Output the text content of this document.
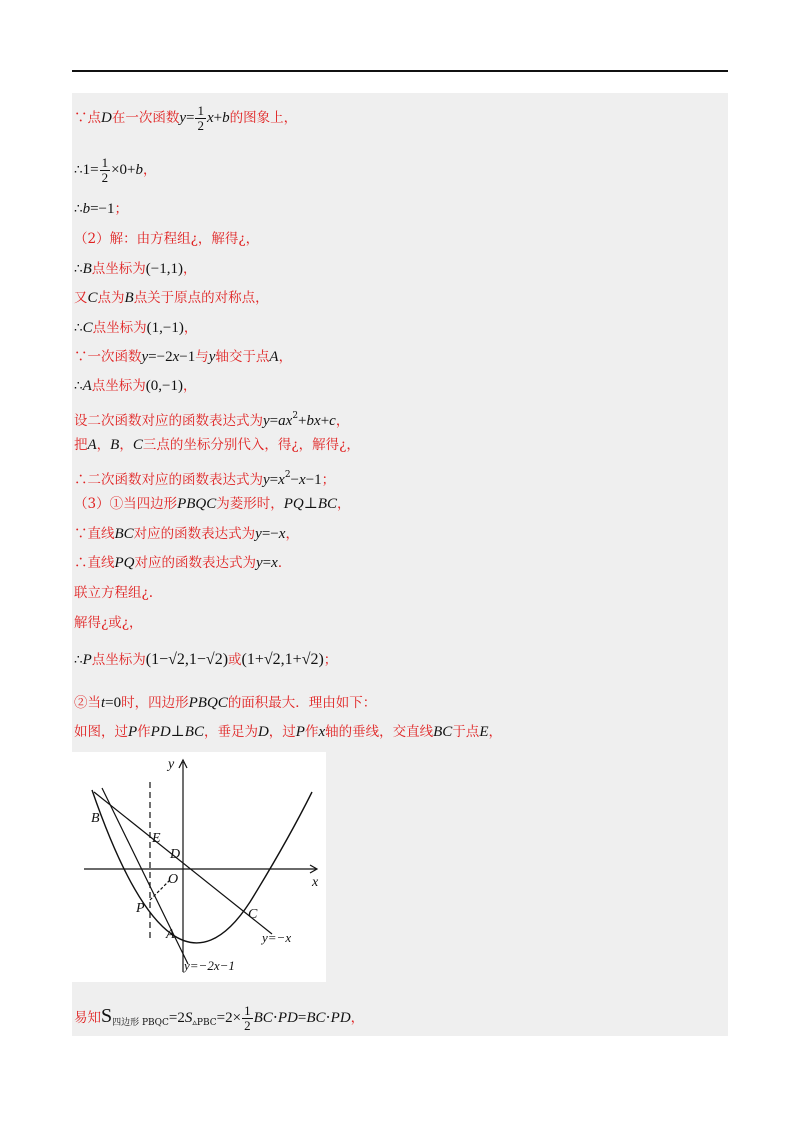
∵点D在一次函数$y= \frac{1}{2} x+b$的图象上，
∴1= $\frac{1}{2} \times 0+b$，
∴b=−1；
（2）解：由方程组¿，解得¿，
∴B点坐标为(−1,1)，
又C点为B点关于原点的对称点，
∴C点坐标为(1,−1)，
∵一次函数y=−2x−1与y轴交于点A，
∴A点坐标为(0,−1)，
设二次函数对应的函数表达式为$y=ax^2+bx+c$，
把A，B，C三点的坐标分别代入，得¿，解得¿，
∴二次函数对应的函数表达式为$y=x^2-x-1$；
（3）①当四边形PBQC为菱形时，PQ⊥BC，
∵直线BC对应的函数表达式为y=−x，
∴直线PQ对应的函数表达式为y=x．
联立方程组¿.
解得¿或¿，
∴P点坐标为(1−√2,1−√2)或(1+√2,1+√2)；
②当t=0时，四边形PBQC的面积最大．理由如下：
如图，过P作PD⊥BC，垂足为D，过P作x轴的垂线，交直线BC于点E，
y
x
B
E
D
O
P
A
C
y=−x
y=−2x−1
易知$S_{四边形 PBQC}=2S_{▵PBC}=2\times \frac{1}{2} BC\cdot PD=BC\cdot PD$，
